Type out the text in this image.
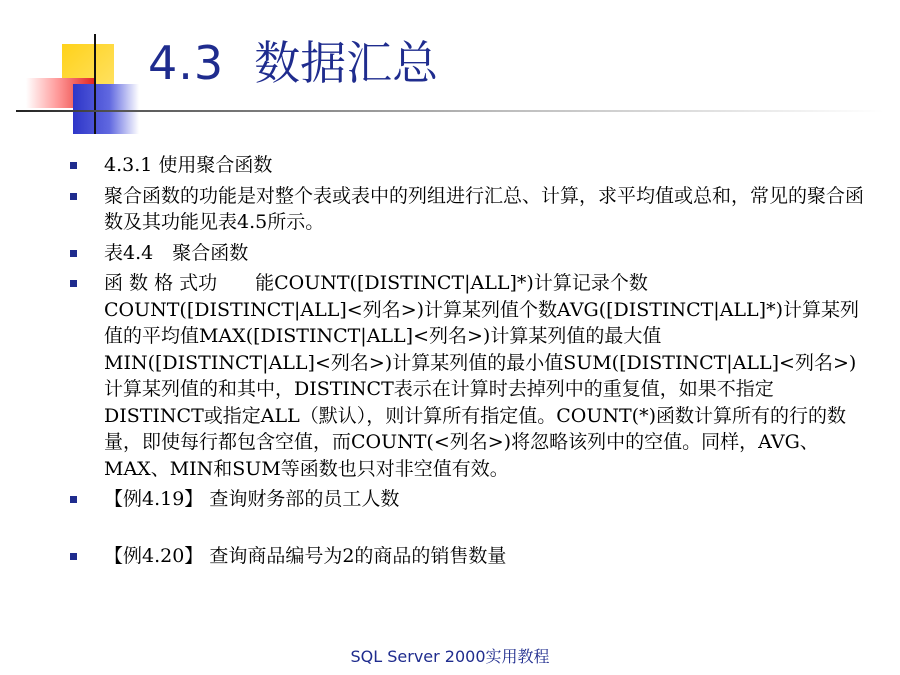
4.3 数据汇总
4.3.1 使用聚合函数
聚合函数的功能是对整个表或表中的列组进行汇总、计算，求平均值或总和，常见的聚合函数及其功能见表4.5所示。
表4.4　聚合函数
函 数 格 式功　　能COUNT([DISTINCT|ALL]*)计算记录个数COUNT([DISTINCT|ALL]<列名>)计算某列值个数AVG([DISTINCT|ALL]*)计算某列值的平均值MAX([DISTINCT|ALL]<列名>)计算某列值的最大值MIN([DISTINCT|ALL]<列名>)计算某列值的最小值SUM([DISTINCT|ALL]<列名>)计算某列值的和其中，DISTINCT表示在计算时去掉列中的重复值，如果不指定DISTINCT或指定ALL（默认），则计算所有指定值。COUNT(*)函数计算所有的行的数量，即使每行都包含空值，而COUNT(<列名>)将忽略该列中的空值。同样，AVG、MAX、MIN和SUM等函数也只对非空值有效。
【例4.19】 查询财务部的员工人数
【例4.20】 查询商品编号为2的商品的销售数量
SQL Server 2000实用教程
